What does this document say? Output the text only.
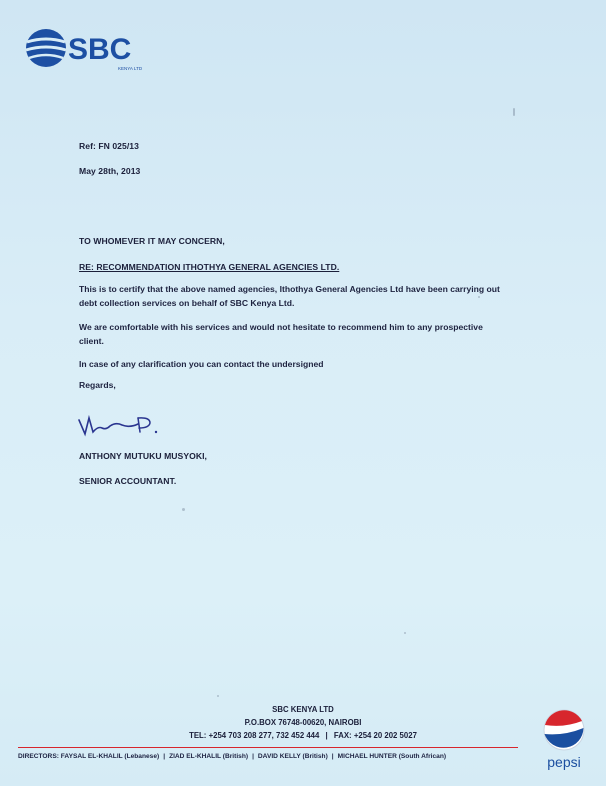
SBC
KENYA LTD
Ref: FN 025/13
May 28th, 2013
TO WHOMEVER IT MAY CONCERN,
RE: RECOMMENDATION ITHOTHYA GENERAL AGENCIES LTD.
This is to certify that the above named agencies, Ithothya General Agencies Ltd have been carrying out
debt collection services on behalf of SBC Kenya Ltd.
We are comfortable with his services and would not hesitate to recommend him to any prospective
client.
In case of any clarification you can contact the undersigned
Regards,
ANTHONY MUTUKU MUSYOKI,
SENIOR ACCOUNTANT.
SBC KENYA LTD
P.O.BOX 76748-00620, NAIROBI
TEL: +254 703 208 277, 732 452 444 | FAX: +254 20 202 5027
DIRECTORS: FAYSAL EL-KHALIL (Lebanese) | ZIAD EL-KHALIL (British) | DAVID KELLY (British) | MICHAEL HUNTER (South African)	pepsi
